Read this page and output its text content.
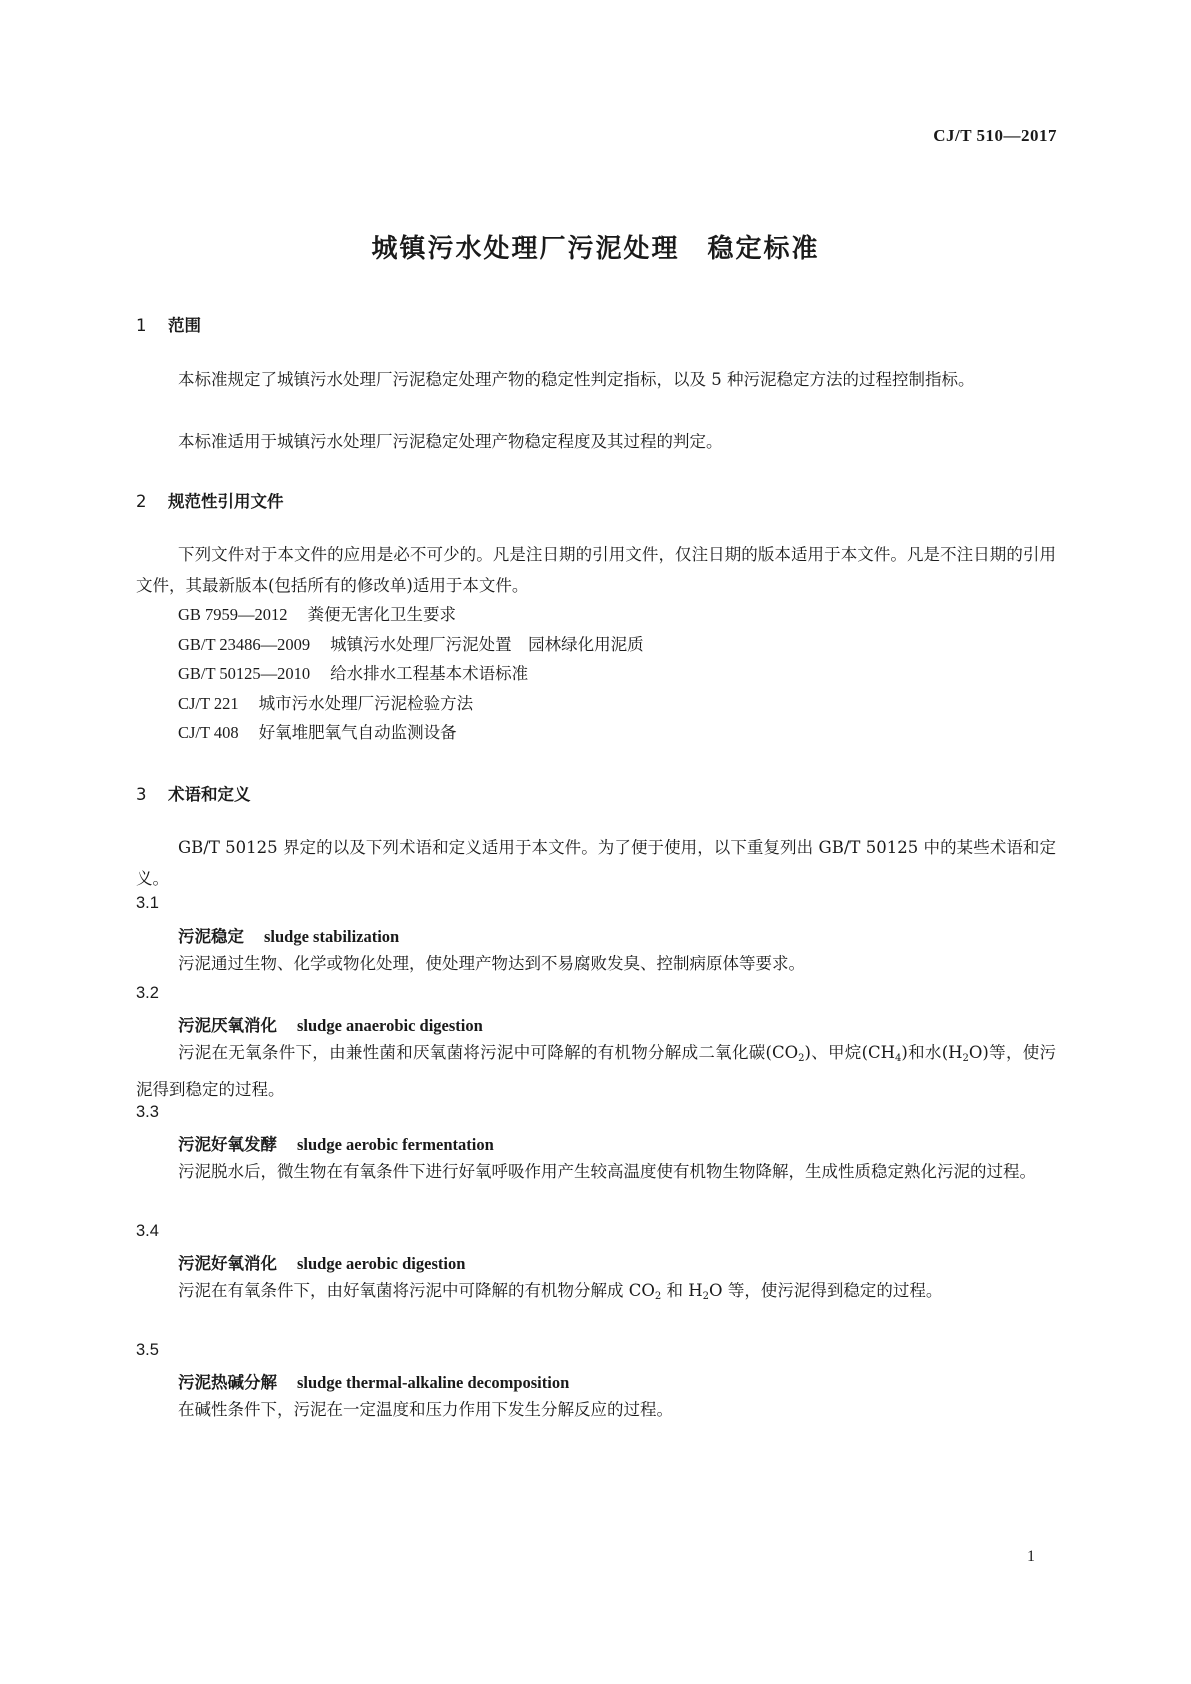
CJ/T 510—2017
城镇污水处理厂污泥处理　稳定标准
1 范围

本标准规定了城镇污水处理厂污泥稳定处理产物的稳定性判定指标，以及 5 种污泥稳定方法的过程控制指标。

本标准适用于城镇污水处理厂污泥稳定处理产物稳定程度及其过程的判定。

2 规范性引用文件

下列文件对于本文件的应用是必不可少的。凡是注日期的引用文件，仅注日期的版本适用于本文件。凡是不注日期的引用文件，其最新版本(包括所有的修改单)适用于本文件。

GB 7959—2012 粪便无害化卫生要求
GB/T 23486—2009 城镇污水处理厂污泥处置　园林绿化用泥质
GB/T 50125—2010 给水排水工程基本术语标准
CJ/T 221 城市污水处理厂污泥检验方法
CJ/T 408 好氧堆肥氧气自动监测设备
3 术语和定义

GB/T 50125 界定的以及下列术语和定义适用于本文件。为了便于使用，以下重复列出 GB/T 50125 中的某些术语和定义。

3.1
污泥稳定 sludge stabilization

污泥通过生物、化学或物化处理，使处理产物达到不易腐败发臭、控制病原体等要求。

3.2
污泥厌氧消化 sludge anaerobic digestion

污泥在无氧条件下，由兼性菌和厌氧菌将污泥中可降解的有机物分解成二氧化碳$(CO_2)$、甲烷$(CH_4)$和水$(H_2O)$等，使污泥得到稳定的过程。

3.3
污泥好氧发酵 sludge aerobic fermentation

污泥脱水后，微生物在有氧条件下进行好氧呼吸作用产生较高温度使有机物生物降解，生成性质稳定熟化污泥的过程。

3.4
污泥好氧消化 sludge aerobic digestion

污泥在有氧条件下，由好氧菌将污泥中可降解的有机物分解成 $CO_2$ 和 $H_2O$ 等，使污泥得到稳定的过程。

3.5
污泥热碱分解 sludge thermal-alkaline decomposition

在碱性条件下，污泥在一定温度和压力作用下发生分解反应的过程。

1
